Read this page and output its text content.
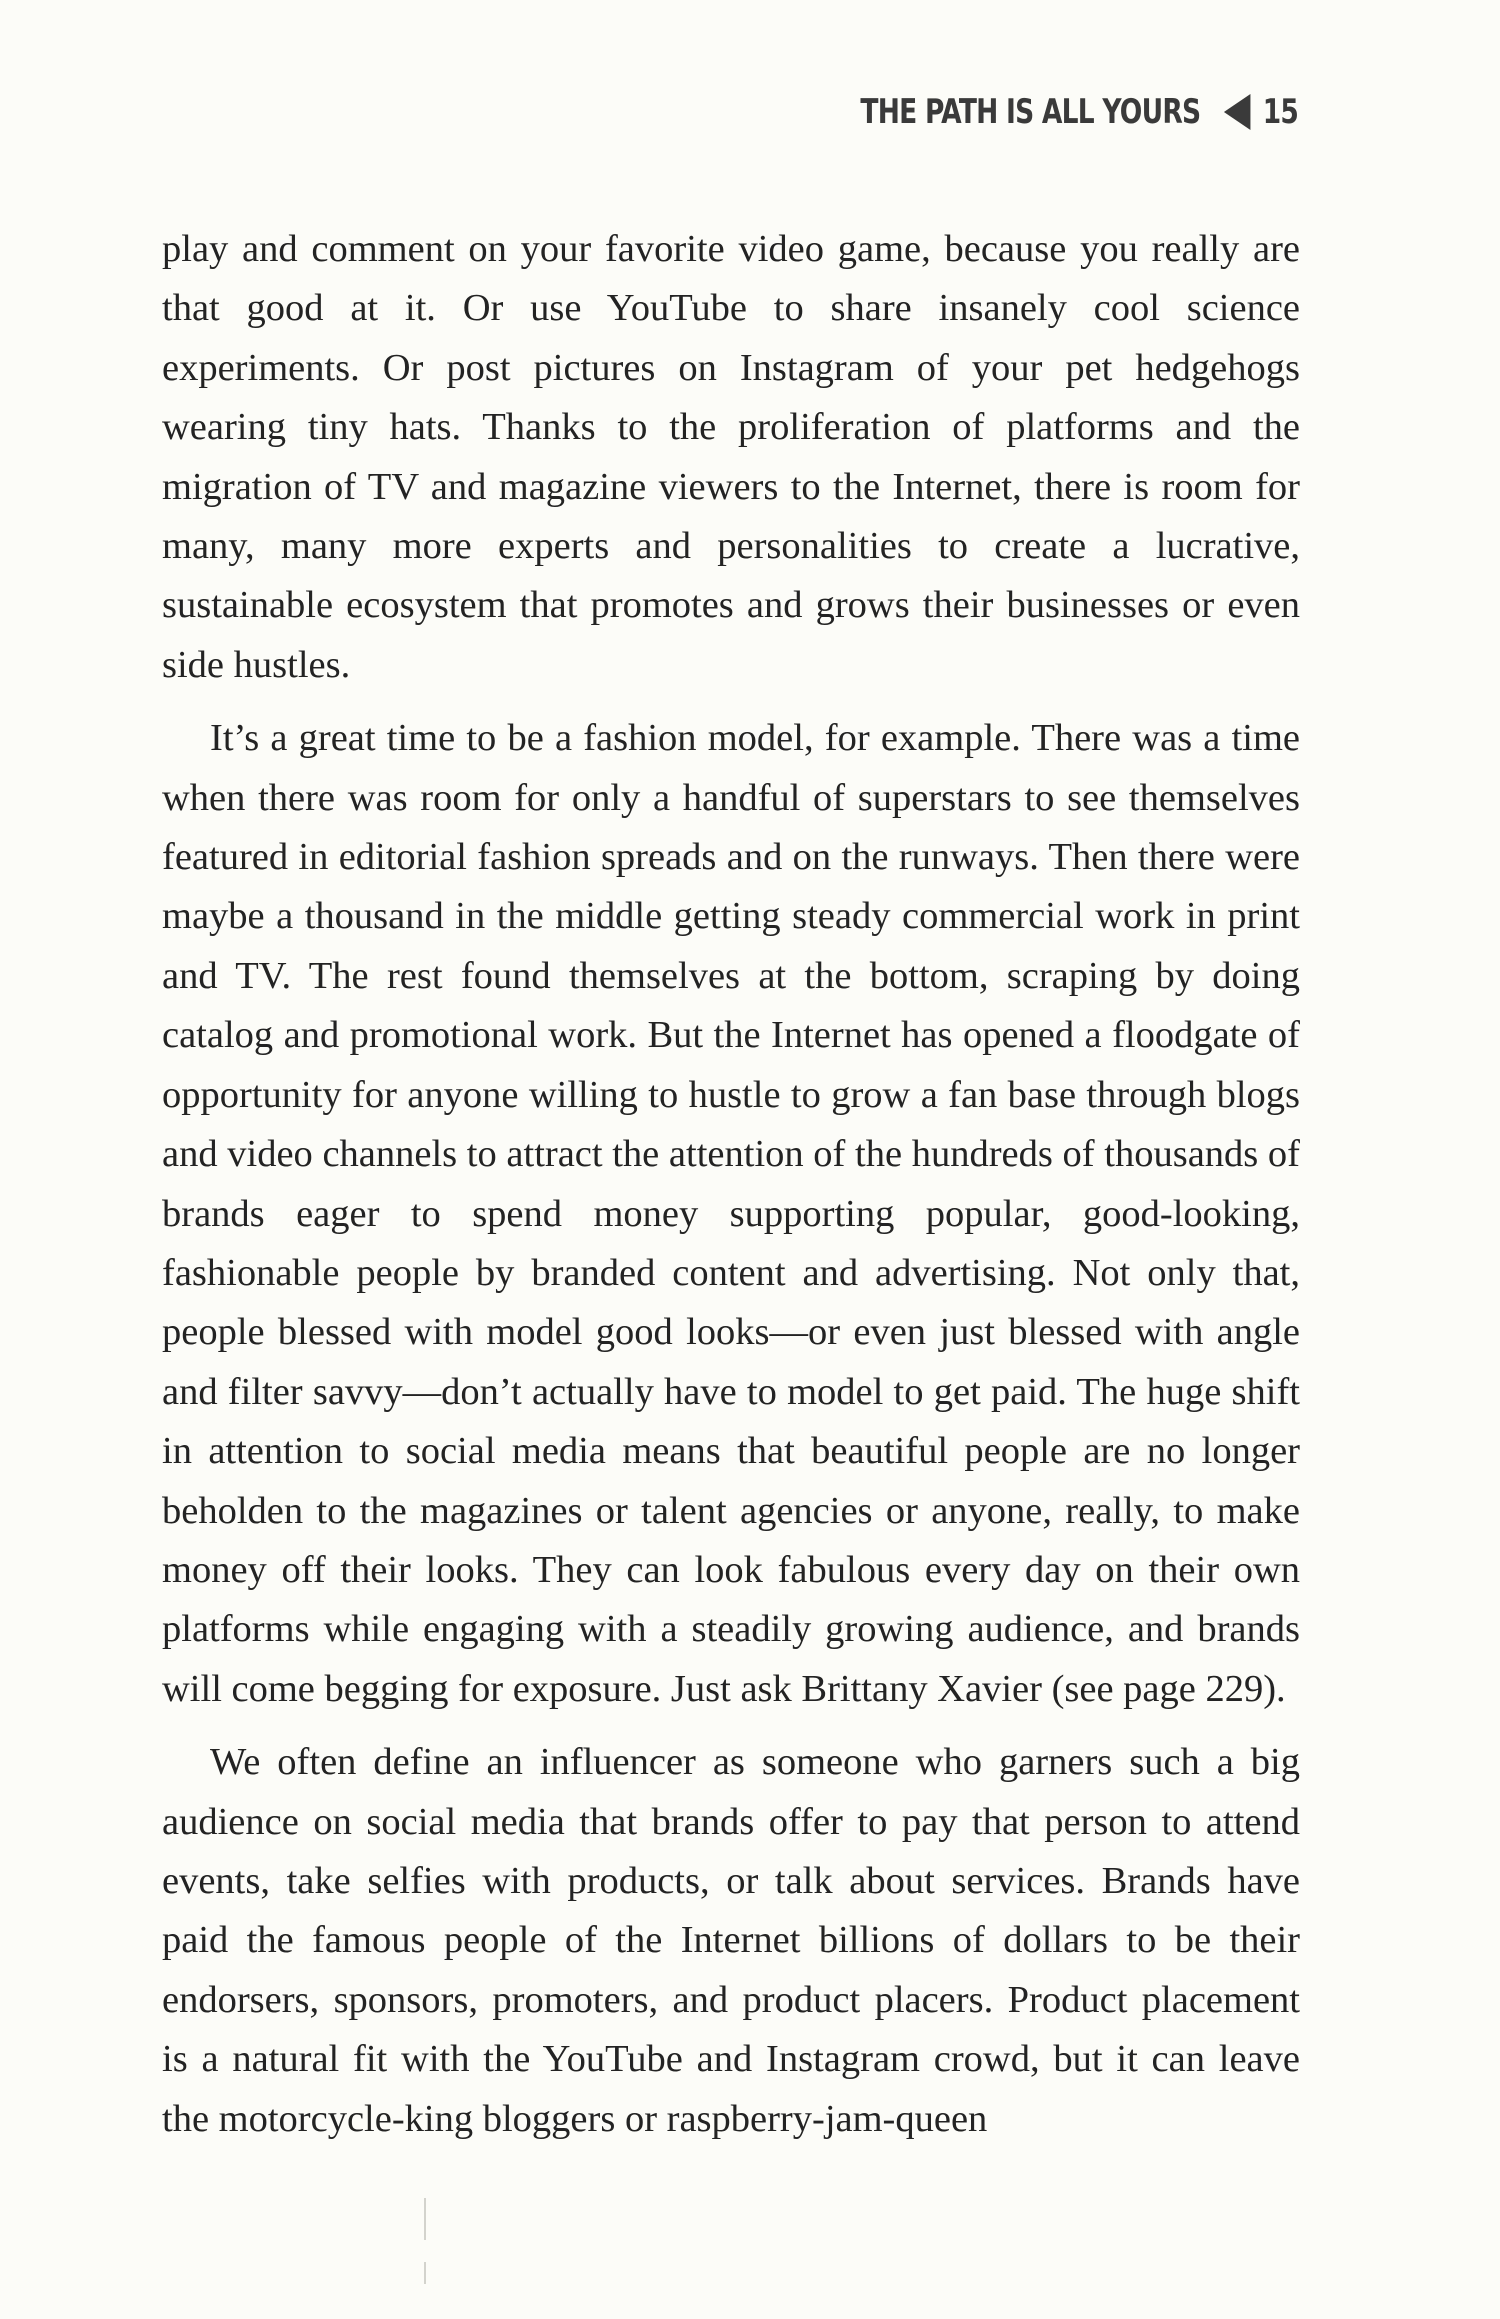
THE PATH IS ALL YOURS 15

play and comment on your favorite video game, because you really are that good at it. Or use YouTube to share insanely cool science experiments. Or post pictures on Instagram of your pet hedgehogs wearing tiny hats. Thanks to the proliferation of platforms and the migration of TV and magazine viewers to the Internet, there is room for many, many more experts and personalities to create a lucrative, sustainable ecosystem that promotes and grows their businesses or even side hustles.

It’s a great time to be a fashion model, for example. There was a time when there was room for only a handful of superstars to see themselves featured in editorial fashion spreads and on the runways. Then there were maybe a thousand in the middle getting steady commercial work in print and TV. The rest found themselves at the bottom, scraping by doing catalog and promotional work. But the Internet has opened a floodgate of opportunity for anyone willing to hustle to grow a fan base through blogs and video channels to attract the attention of the hundreds of thousands of brands eager to spend money supporting popular, good-looking, fashionable people by branded content and advertising. Not only that, people blessed with model good looks—or even just blessed with angle and filter savvy—don’t actually have to model to get paid. The huge shift in attention to social media means that beautiful people are no longer beholden to the magazines or talent agencies or anyone, really, to make money off their looks. They can look fabulous every day on their own platforms while engaging with a steadily growing audience, and brands will come begging for exposure. Just ask Brittany Xavier (see page 229).

We often define an influencer as someone who garners such a big audience on social media that brands offer to pay that person to attend events, take selfies with products, or talk about services. Brands have paid the famous people of the Internet billions of dollars to be their endorsers, sponsors, promoters, and product placers. Product placement is a natural fit with the YouTube and Instagram crowd, but it can leave the motorcycle-king bloggers or raspberry-jam-queen
